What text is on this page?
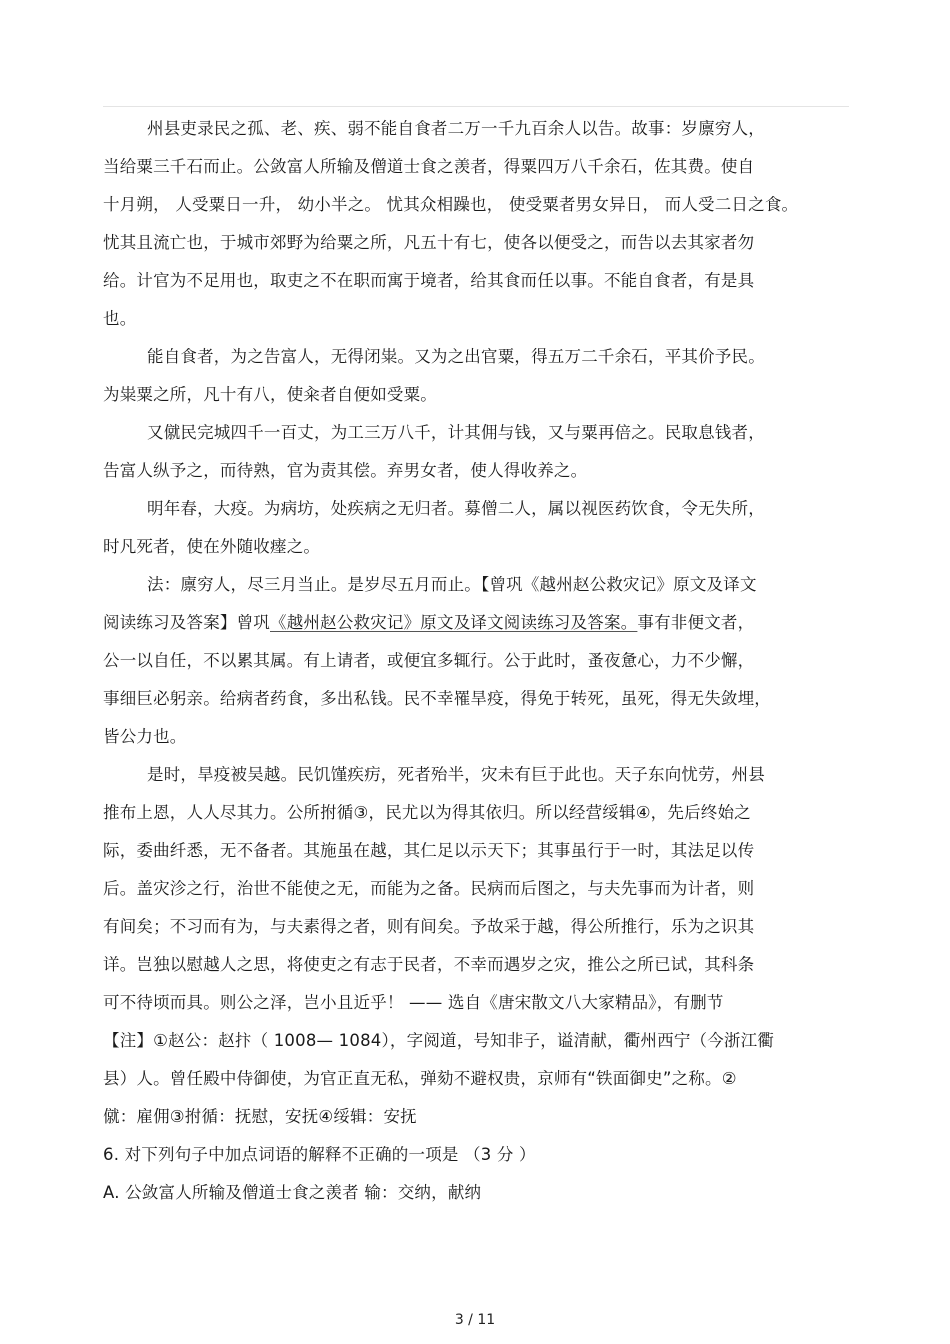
州县吏录民之孤、老、疾、弱不能自食者二万一千九百余人以告。故事：岁廪穷人，
当给粟三千石而止。公敛富人所输及僧道士食之羡者，得粟四万八千余石，佐其费。使自
十月朔， 人受粟日一升， 幼小半之。 忧其众相躁也， 使受粟者男女异日， 而人受二日之食。
忧其且流亡也，于城市郊野为给粟之所，凡五十有七，使各以便受之，而告以去其家者勿
给。计官为不足用也，取吏之不在职而寓于境者，给其食而任以事。不能自食者，有是具
也。
能自食者，为之告富人，无得闭粜。又为之出官粟，得五万二千余石，平其价予民。
为粜粟之所，凡十有八，使籴者自便如受粟。
又僦民完城四千一百丈，为工三万八千，计其佣与钱，又与粟再倍之。民取息钱者，
告富人纵予之，而待熟，官为责其偿。弃男女者，使人得收养之。
明年春，大疫。为病坊，处疾病之无归者。募僧二人，属以视医药饮食，令无失所，
时凡死者，使在外随收瘗之。
法：廪穷人，尽三月当止。是岁尽五月而止。【曾巩《越州赵公救灾记》原文及译文
阅读练习及答案】曾巩《越州赵公救灾记》原文及译文阅读练习及答案。事有非便文者，
公一以自任，不以累其属。有上请者，或便宜多辄行。公于此时，蚤夜惫心，力不少懈，
事细巨必躬亲。给病者药食，多出私钱。民不幸罹旱疫，得免于转死，虽死，得无失敛埋，
皆公力也。
是时，旱疫被吴越。民饥馑疾疠，死者殆半，灾未有巨于此也。天子东向忧劳，州县
推布上恩，人人尽其力。公所拊循③，民尤以为得其依归。所以经营绥辑④，先后终始之
际，委曲纤悉，无不备者。其施虽在越，其仁足以示天下；其事虽行于一时，其法足以传
后。盖灾沴之行，治世不能使之无，而能为之备。民病而后图之，与夫先事而为计者，则
有间矣；不习而有为，与夫素得之者，则有间矣。予故采于越，得公所推行，乐为之识其
详。岂独以慰越人之思，将使吏之有志于民者，不幸而遇岁之灾，推公之所已试，其科条
可不待顷而具。则公之泽，岂小且近乎！ —— 选自《唐宋散文八大家精品》，有删节
【注】①赵公：赵抃（ 1008— 1084），字阅道，号知非子，谥清献，衢州西宁（今浙江衢
县）人。曾任殿中侍御使，为官正直无私，弹劾不避权贵，京师有“铁面御史”之称。②
僦：雇佣③拊循：抚慰，安抚④绥辑：安抚
6. 对下列句子中加点词语的解释不正确的一项是 （3 分 ）
A. 公敛富人所输及僧道士食之羡者 输：交纳，献纳
3 / 11
